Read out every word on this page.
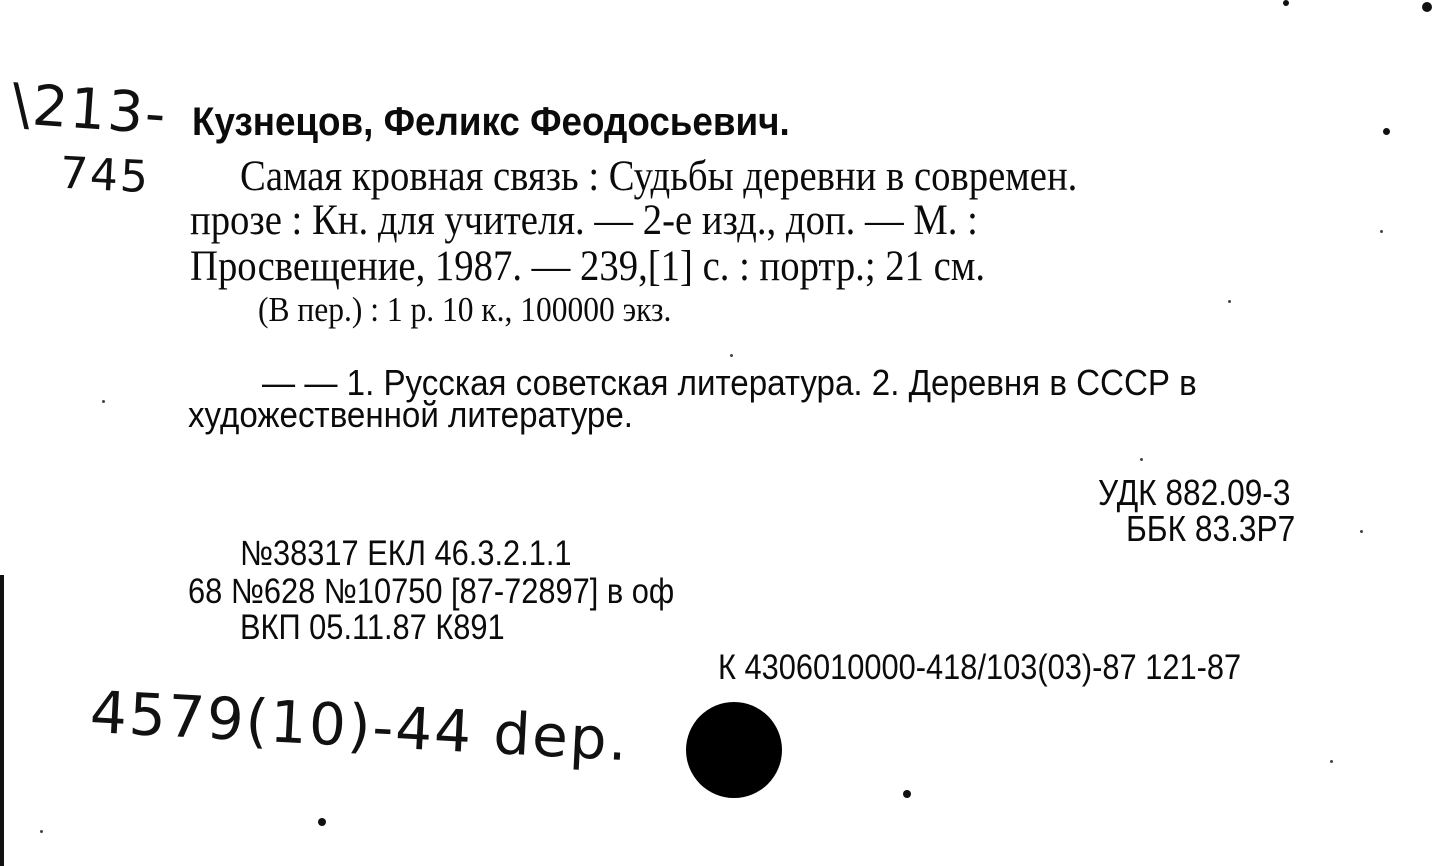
\213-
745
Кузнецов, Феликс Феодосьевич.
Самая кровная связь : Судьбы деревни в современ.
прозе : Кн. для учителя. — 2-е изд., доп. — М. :
Просвещение, 1987. — 239,[1] с. : портр.; 21 см.
(В пер.) : 1 р. 10 к., 100000 экз.
— — 1. Русская советская литература. 2. Деревня в СССР в
художественной литературе.
УДК 882.09-3
ББК 83.3Р7
№38317 ЕКЛ 46.3.2.1.1
68 №628 №10750 [87-72897] в оф
ВКП 05.11.87 К891
К 4306010000-418/103(03)-87 121-87
4579(10)-44 dep.
